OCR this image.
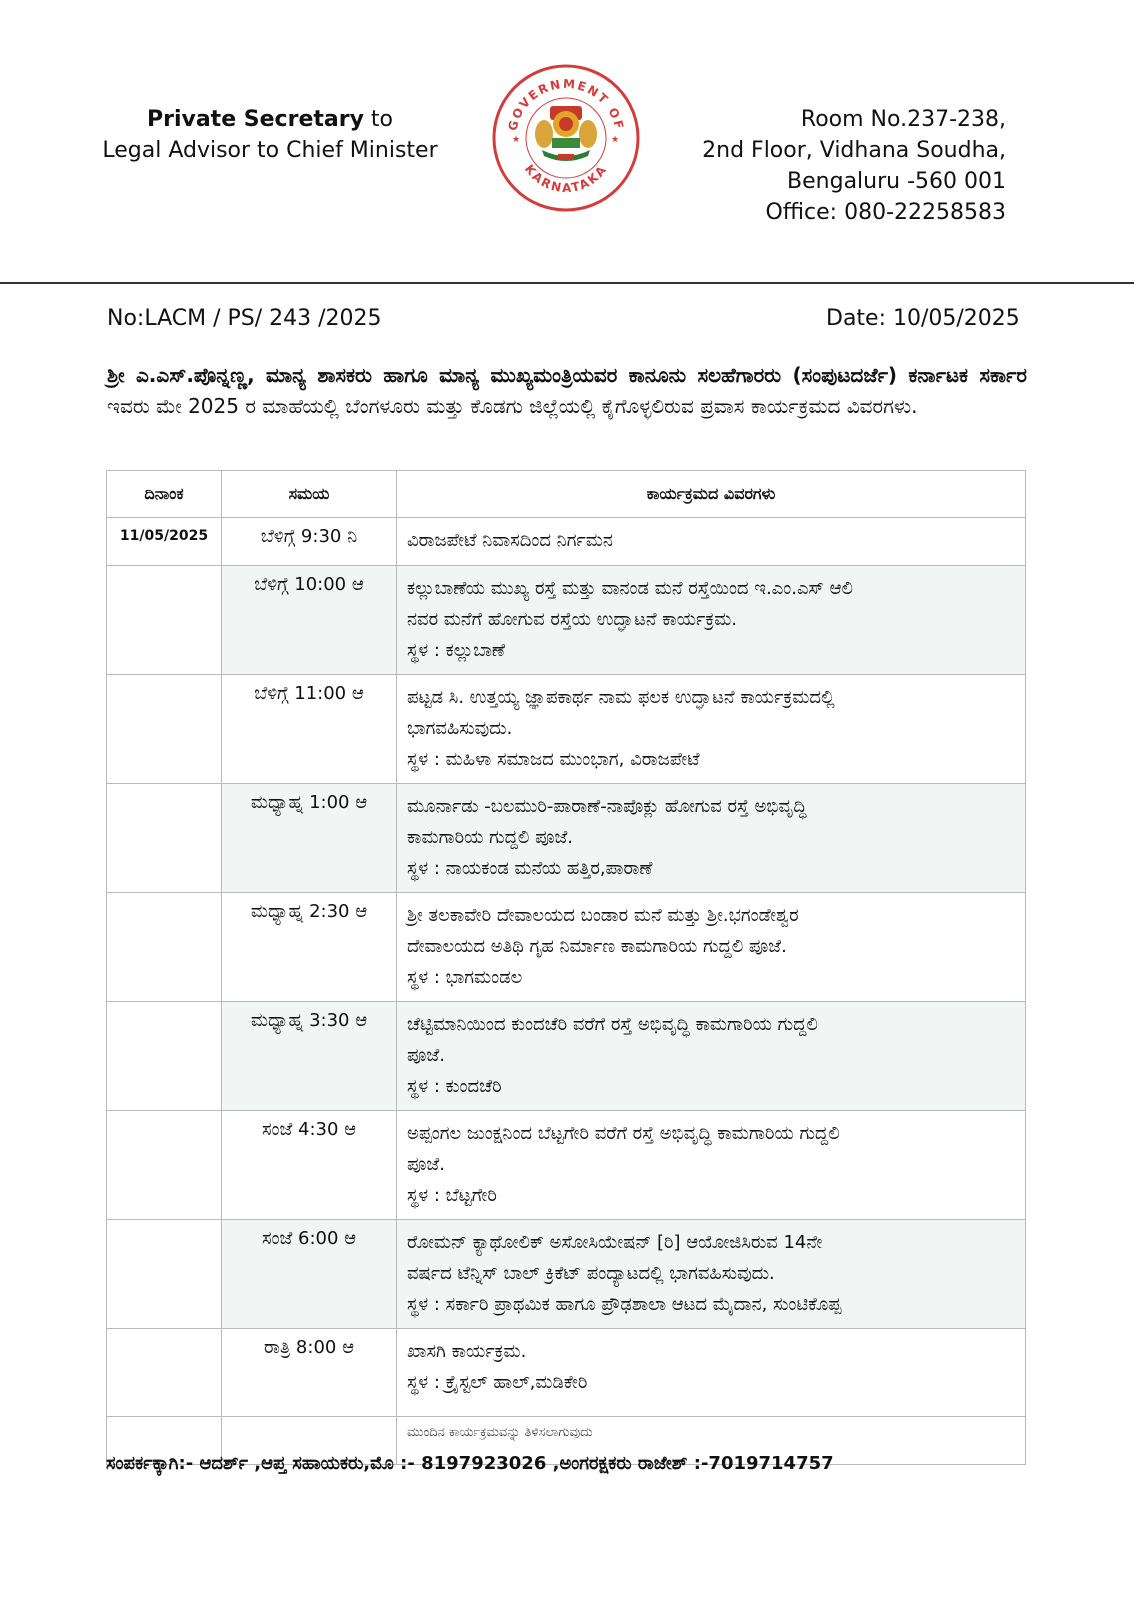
Private Secretary to
Legal Advisor to Chief Minister
GOVERNMENT OF
KARNATAKA
★	★
Room No.237-238,
2nd Floor, Vidhana Soudha,
Bengaluru -560 001
Office: 080-22258583
No:LACM / PS/ 243 /2025	Date: 10/05/2025
ಶ್ರೀ ಎ.ಎಸ್.ಪೊನ್ನಣ್ಣ, ಮಾನ್ಯ ಶಾಸಕರು ಹಾಗೂ ಮಾನ್ಯ ಮುಖ್ಯಮಂತ್ರಿಯವರ ಕಾನೂನು ಸಲಹೆಗಾರರು (ಸಂಪುಟದರ್ಜೆ) ಕರ್ನಾಟಕ ಸರ್ಕಾರ ಇವರು ಮೇ 2025 ರ ಮಾಹೆಯಲ್ಲಿ ಬೆಂಗಳೂರು ಮತ್ತು ಕೊಡಗು ಜಿಲ್ಲೆಯಲ್ಲಿ ಕೈಗೊಳ್ಳಲಿರುವ ಪ್ರವಾಸ ಕಾರ್ಯಕ್ರಮದ ವಿವರಗಳು.
ದಿನಾಂಕ	ಸಮಯ	ಕಾರ್ಯಕ್ರಮದ ವಿವರಗಳು
11/05/2025	ಬೆಳಿಗ್ಗೆ 9:30 ನಿ	ವಿರಾಜಪೇಟೆ ನಿವಾಸದಿಂದ ನಿರ್ಗಮನ

	ಬೆಳಿಗ್ಗೆ 10:00 ಆ	ಕಲ್ಲುಬಾಣೆಯ ಮುಖ್ಯ ರಸ್ತೆ ಮತ್ತು ವಾನಂಡ ಮನೆ ರಸ್ತೆಯಿಂದ ಇ.ಎಂ.ಎಸ್ ಆಲಿ
ನವರ ಮನೆಗೆ ಹೋಗುವ ರಸ್ತೆಯ ಉದ್ಘಾಟನೆ ಕಾರ್ಯಕ್ರಮ.
ಸ್ಥಳ : ಕಲ್ಲುಬಾಣೆ

	ಬೆಳಿಗ್ಗೆ 11:00 ಆ	ಪಟ್ಟಡ ಸಿ. ಉತ್ತಯ್ಯ ಜ್ಞಾಪಕಾರ್ಥ ನಾಮ ಫಲಕ ಉದ್ಘಾಟನೆ ಕಾರ್ಯಕ್ರಮದಲ್ಲಿ
ಭಾಗವಹಿಸುವುದು.
ಸ್ಥಳ : ಮಹಿಳಾ ಸಮಾಜದ ಮುಂಭಾಗ, ವಿರಾಜಪೇಟೆ

	ಮಧ್ಯಾಹ್ನ 1:00 ಆ	ಮೂರ್ನಾಡು -ಬಲಮುರಿ-ಪಾರಾಣೆ-ನಾಪೊಕ್ಲು ಹೋಗುವ ರಸ್ತೆ ಅಭಿವೃದ್ಧಿ
ಕಾಮಗಾರಿಯ ಗುದ್ದಲಿ ಪೂಜೆ.
ಸ್ಥಳ : ನಾಯಕಂಡ ಮನೆಯ ಹತ್ತಿರ,ಪಾರಾಣೆ

	ಮಧ್ಯಾಹ್ನ 2:30 ಆ	ಶ್ರೀ ತಲಕಾವೇರಿ ದೇವಾಲಯದ ಬಂಡಾರ ಮನೆ ಮತ್ತು ಶ್ರೀ.ಭಗಂಡೇಶ್ವರ
ದೇವಾಲಯದ ಅತಿಥಿ ಗೃಹ ನಿರ್ಮಾಣ ಕಾಮಗಾರಿಯ ಗುದ್ದಲಿ ಪೂಜೆ.
ಸ್ಥಳ : ಭಾಗಮಂಡಲ

	ಮಧ್ಯಾಹ್ನ 3:30 ಆ	ಚೆಟ್ಟಿಮಾನಿಯಿಂದ ಕುಂದಚೆರಿ ವರೆಗೆ ರಸ್ತೆ ಅಭಿವೃದ್ಧಿ ಕಾಮಗಾರಿಯ ಗುದ್ದಲಿ
ಪೂಜೆ.
ಸ್ಥಳ : ಕುಂದಚೆರಿ

	ಸಂಜೆ 4:30 ಆ	ಅಪ್ಪಂಗಲ ಜುಂಕ್ಷನಿಂದ ಬೆಟ್ಟಗೇರಿ ವರೆಗೆ ರಸ್ತೆ ಅಭಿವೃದ್ಧಿ ಕಾಮಗಾರಿಯ ಗುದ್ದಲಿ
ಪೂಜೆ.
ಸ್ಥಳ : ಬೆಟ್ಟಗೇರಿ

	ಸಂಜೆ 6:00 ಆ	ರೋಮನ್ ಕ್ಯಾಥೋಲಿಕ್ ಅಸೋಸಿಯೇಷನ್ [ರಿ] ಆಯೋಜಿಸಿರುವ 14ನೇ
ವರ್ಷದ ಟೆನ್ನಿಸ್ ಬಾಲ್ ಕ್ರಿಕೆಟ್ ಪಂದ್ಯಾಟದಲ್ಲಿ ಭಾಗವಹಿಸುವುದು.
ಸ್ಥಳ : ಸರ್ಕಾರಿ ಪ್ರಾಥಮಿಕ ಹಾಗೂ ಪ್ರೌಢಶಾಲಾ ಆಟದ ಮೈದಾನ, ಸುಂಟಿಕೊಪ್ಪ

	ರಾತ್ರಿ 8:00 ಆ	ಖಾಸಗಿ ಕಾರ್ಯಕ್ರಮ.
ಸ್ಥಳ : ಕ್ರೈಸ್ಟಲ್ ಹಾಲ್,ಮಡಿಕೇರಿ

		ಮುಂದಿನ ಕಾರ್ಯಕ್ರಮವನ್ನು ತಿಳಿಸಲಾಗುವುದು
ಸಂಪರ್ಕಕ್ಕಾಗಿ:- ಆದರ್ಶ್ ,ಆಪ್ತ ಸಹಾಯಕರು,ಮೊ :- 8197923026 ,ಅಂಗರಕ್ಷಕರು ರಾಜೇಶ್ :-7019714757
